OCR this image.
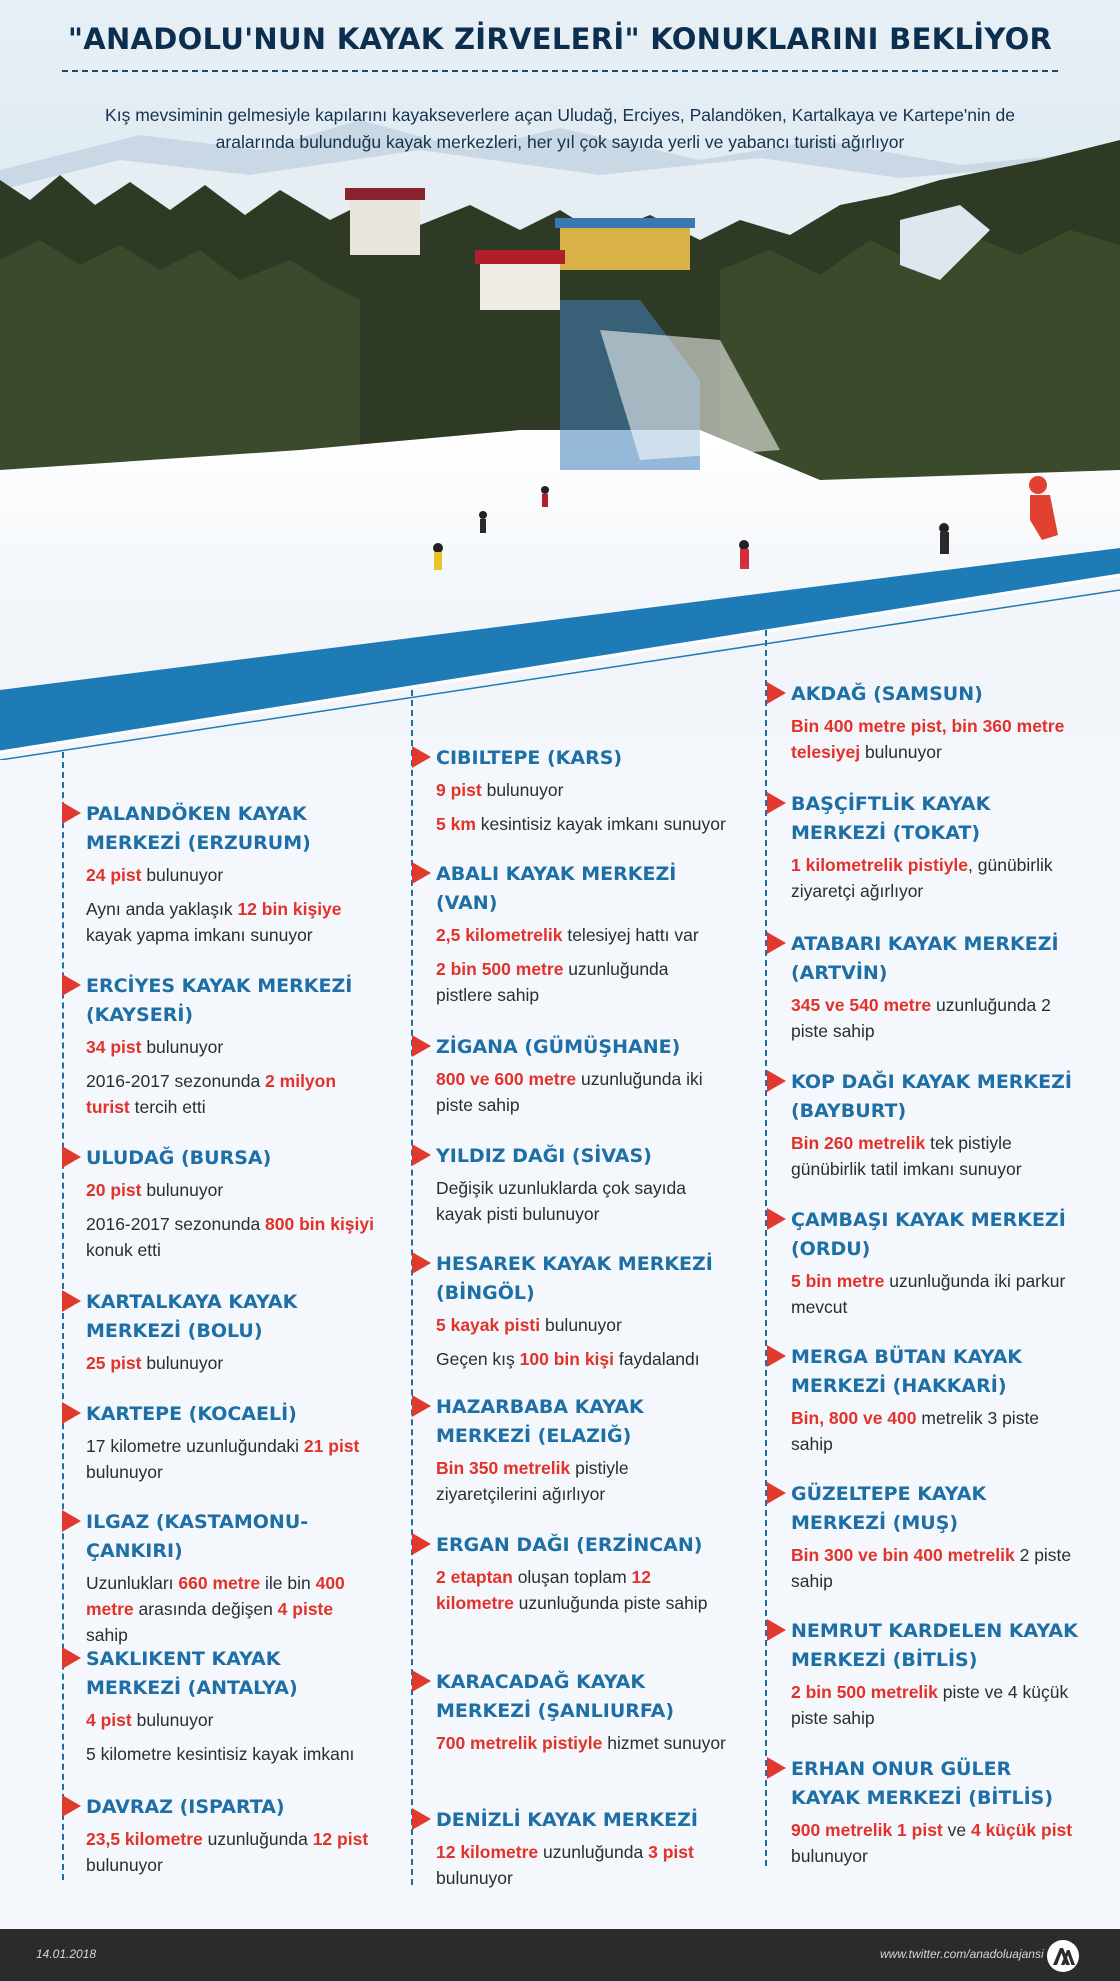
"ANADOLU'NUN KAYAK ZİRVELERİ" KONUKLARINI BEKLİYOR

Kış mevsiminin gelmesiyle kapılarını kayakseverlere açan Uludağ, Erciyes, Palandöken, Kartalkaya ve Kartepe'nin de aralarında bulunduğu kayak merkezleri, her yıl çok sayıda yerli ve yabancı turisti ağırlıyor

PALANDÖKEN KAYAK MERKEZİ (ERZURUM)

24 pist bulunuyor

Aynı anda yaklaşık 12 bin kişiye kayak yapma imkanı sunuyor

ERCİYES KAYAK MERKEZİ (KAYSERİ)

34 pist bulunuyor

2016-2017 sezonunda 2 milyon turist tercih etti

ULUDAĞ (BURSA)

20 pist bulunuyor

2016-2017 sezonunda 800 bin kişiyi konuk etti

KARTALKAYA KAYAK MERKEZİ (BOLU)

25 pist bulunuyor

KARTEPE (KOCAELİ)

17 kilometre uzunluğundaki 21 pist bulunuyor

ILGAZ (KASTAMONU-ÇANKIRI)

Uzunlukları 660 metre ile bin 400 metre arasında değişen 4 piste sahip

SAKLIKENT KAYAK MERKEZİ (ANTALYA)

4 pist bulunuyor

5 kilometre kesintisiz kayak imkanı

DAVRAZ (ISPARTA)

23,5 kilometre uzunluğunda 12 pist bulunuyor

CIBILTEPE (KARS)

9 pist bulunuyor

5 km kesintisiz kayak imkanı sunuyor

ABALI KAYAK MERKEZİ (VAN)

2,5 kilometrelik telesiyej hattı var

2 bin 500 metre uzunluğunda pistlere sahip

ZİGANA (GÜMÜŞHANE)

800 ve 600 metre uzunluğunda iki piste sahip

YILDIZ DAĞI (SİVAS)

Değişik uzunluklarda çok sayıda kayak pisti bulunuyor

HESAREK KAYAK MERKEZİ (BİNGÖL)

5 kayak pisti bulunuyor

Geçen kış 100 bin kişi faydalandı

HAZARBABA KAYAK MERKEZİ (ELAZIĞ)

Bin 350 metrelik pistiyle ziyaretçilerini ağırlıyor

ERGAN DAĞI (ERZİNCAN)

2 etaptan oluşan toplam 12 kilometre uzunluğunda piste sahip

KARACADAĞ KAYAK MERKEZİ (ŞANLIURFA)

700 metrelik pistiyle hizmet sunuyor

DENİZLİ KAYAK MERKEZİ

12 kilometre uzunluğunda 3 pist bulunuyor

AKDAĞ (SAMSUN)

Bin 400 metre pist, bin 360 metre telesiyej bulunuyor

BAŞÇİFTLİK KAYAK MERKEZİ (TOKAT)

1 kilometrelik pistiyle, günübirlik ziyaretçi ağırlıyor

ATABARI KAYAK MERKEZİ (ARTVİN)

345 ve 540 metre uzunluğunda 2 piste sahip

KOP DAĞI KAYAK MERKEZİ (BAYBURT)

Bin 260 metrelik tek pistiyle günübirlik tatil imkanı sunuyor

ÇAMBAŞI KAYAK MERKEZİ (ORDU)

5 bin metre uzunluğunda iki parkur mevcut

MERGA BÜTAN KAYAK MERKEZİ (HAKKARİ)

Bin, 800 ve 400 metrelik 3 piste sahip

GÜZELTEPE KAYAK MERKEZİ (MUŞ)

Bin 300 ve bin 400 metrelik 2 piste sahip

NEMRUT KARDELEN KAYAK MERKEZİ (BİTLİS)

2 bin 500 metrelik piste ve 4 küçük piste sahip

ERHAN ONUR GÜLER KAYAK MERKEZİ (BİTLİS)

900 metrelik 1 pist ve 4 küçük pist bulunuyor

14.01.2018	www.twitter.com/anadoluajansi
